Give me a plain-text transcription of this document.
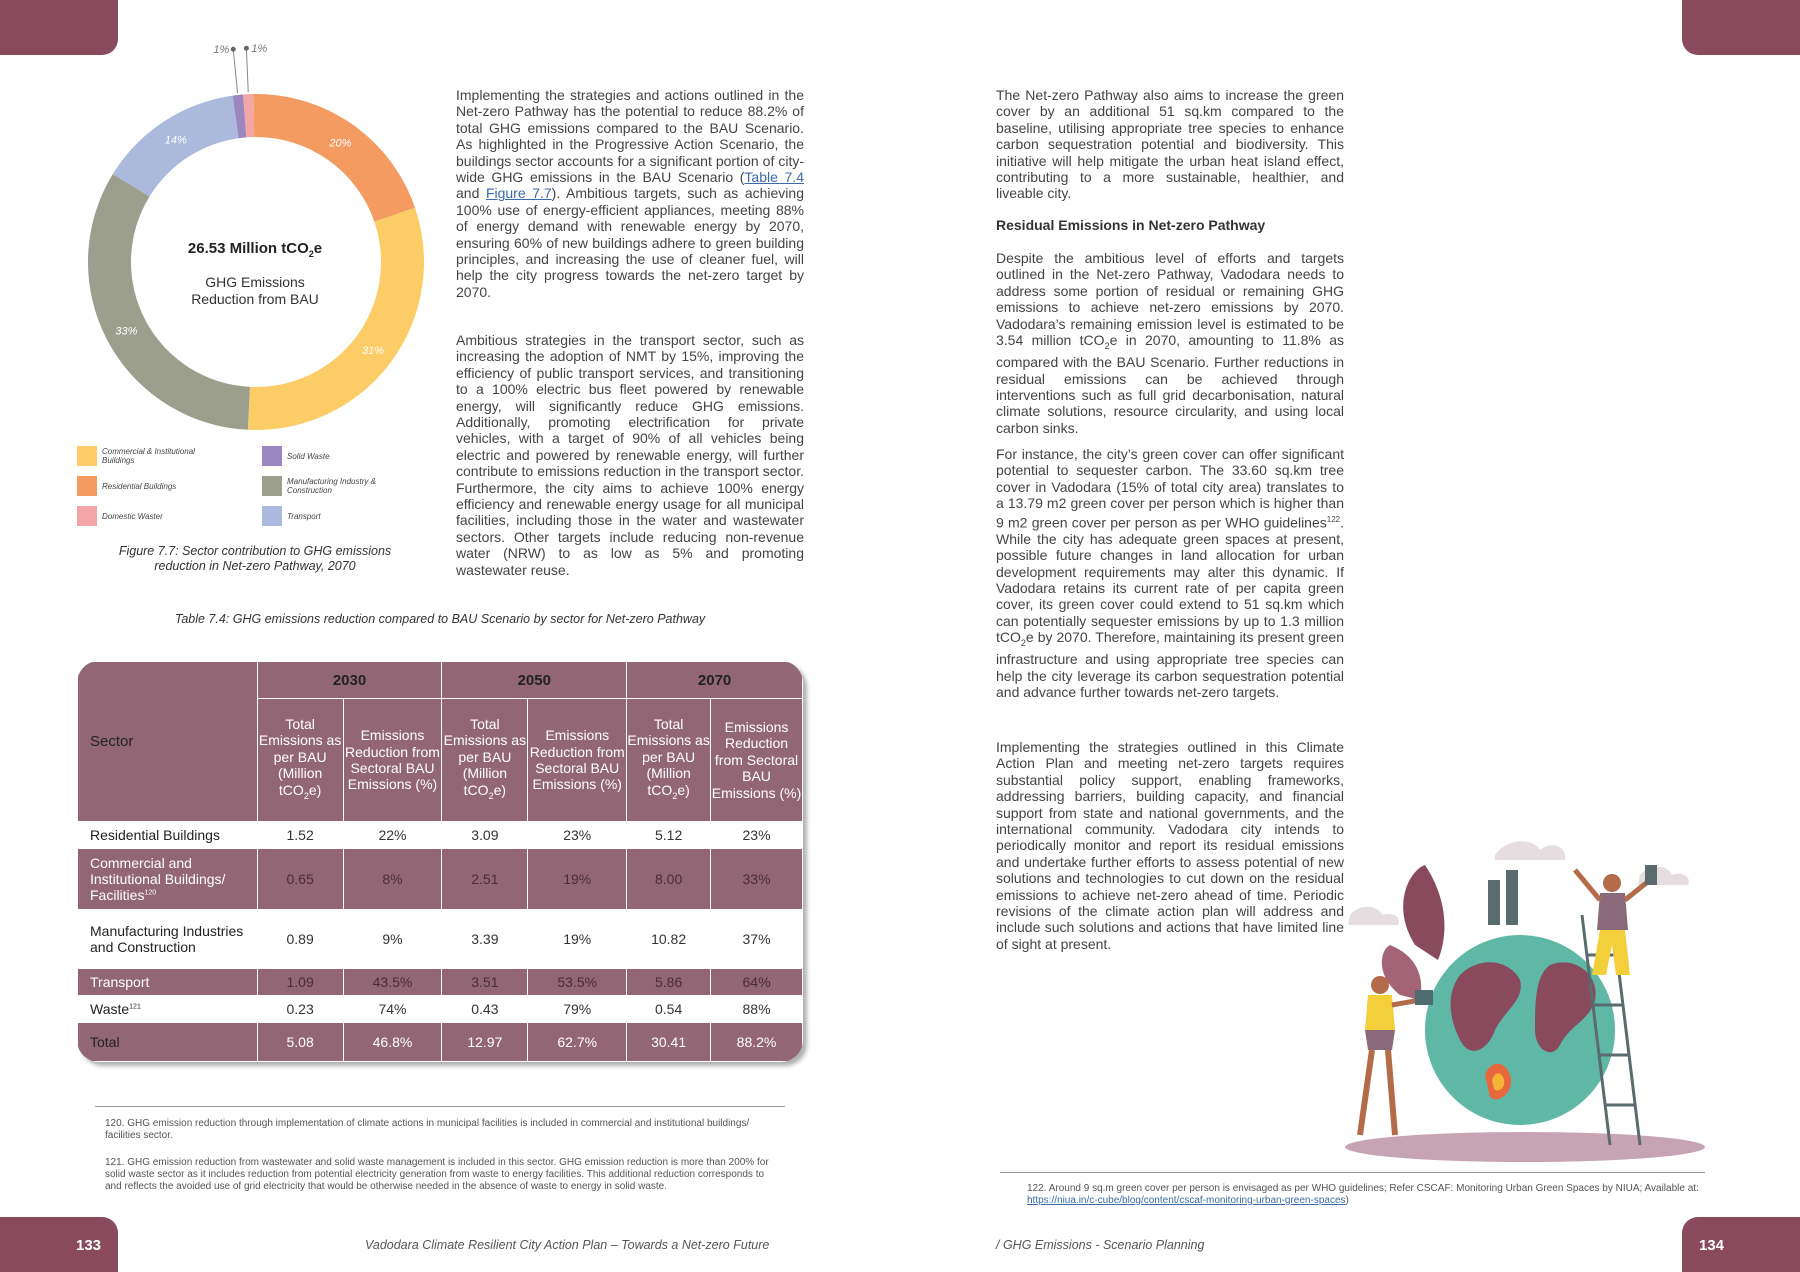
133	134
Vadodara Climate Resilient City Action Plan – Towards a Net-zero Future	/ GHG Emissions - Scenario Planning
1% 1%
20%
31%
33%
14%
26.53 Million tCO$_2$e
GHG Emissions
Reduction from BAU
Commercial & Institutional Buildings	Solid Waste
Residential Buildings	Manufacturing Industry & Construction
Domestic Waster	Transport
Figure 7.7: Sector contribution to GHG emissions reduction in Net-zero Pathway, 2070

Implementing the strategies and actions outlined in the Net-zero Pathway has the potential to reduce 88.2% of total GHG emissions compared to the BAU Scenario. As highlighted in the Progressive Action Scenario, the buildings sector accounts for a significant portion of city-wide GHG emissions in the BAU Scenario (Table 7.4 and Figure 7.7). Ambitious targets, such as achieving 100% use of energy-efficient appliances, meeting 88% of energy demand with renewable energy by 2070, ensuring 60% of new buildings adhere to green building principles, and increasing the use of cleaner fuel, will help the city progress towards the net-zero target by 2070.

Ambitious strategies in the transport sector, such as increasing the adoption of NMT by 15%, improving the efficiency of public transport services, and transitioning to a 100% electric bus fleet powered by renewable energy, will significantly reduce GHG emissions. Additionally, promoting electrification for private vehicles, with a target of 90% of all vehicles being electric and powered by renewable energy, will further contribute to emissions reduction in the transport sector. Furthermore, the city aims to achieve 100% energy efficiency and renewable energy usage for all municipal facilities, including those in the water and wastewater sectors. Other targets include reducing non-revenue water (NRW) to as low as 5% and promoting wastewater reuse.

Table 7.4: GHG emissions reduction compared to BAU Scenario by sector for Net-zero Pathway
Sector	2030		2050		2070	
	Total Emissions as per BAU (Million tCO$_2$e)	Emissions Reduction from Sectoral BAU Emissions (%)	Total Emissions as per BAU (Million tCO$_2$e)	Emissions Reduction from Sectoral BAU Emissions (%)	Total Emissions as per BAU (Million tCO$_2$e)	Emissions Reduction from Sectoral BAU Emissions (%)
Residential Buildings	1.52	22%	3.09	23%	5.12	23%
Commercial and Institutional Buildings/ Facilities$^{120}$	0.65	8%	2.51	19%	8.00	33%
Manufacturing Industries and Construction	0.89	9%	3.39	19%	10.82	37%
Transport	1.09	43.5%	3.51	53.5%	5.86	64%
Waste$^{121}$	0.23	74%	0.43	79%	0.54	88%
Total	5.08	46.8%	12.97	62.7%	30.41	88.2%

120. GHG emission reduction through implementation of climate actions in municipal facilities is included in commercial and institutional buildings/ facilities sector.

121. GHG emission reduction from wastewater and solid waste management is included in this sector. GHG emission reduction is more than 200% for solid waste sector as it includes reduction from potential electricity generation from waste to energy facilities. This additional reduction corresponds to and reflects the avoided use of grid electricity that would be otherwise needed in the absence of waste to energy in solid waste.

The Net-zero Pathway also aims to increase the green cover by an additional 51 sq.km compared to the baseline, utilising appropriate tree species to enhance carbon sequestration potential and biodiversity. This initiative will help mitigate the urban heat island effect, contributing to a more sustainable, healthier, and liveable city.

Residual Emissions in Net-zero Pathway

Despite the ambitious level of efforts and targets outlined in the Net-zero Pathway, Vadodara needs to address some portion of residual or remaining GHG emissions to achieve net-zero emissions by 2070. Vadodara’s remaining emission level is estimated to be 3.54 million tCO$_2$e in 2070, amounting to 11.8% as compared with the BAU Scenario. Further reductions in residual emissions can be achieved through interventions such as full grid decarbonisation, natural climate solutions, resource circularity, and using local carbon sinks.

For instance, the city’s green cover can offer significant potential to sequester carbon. The 33.60 sq.km tree cover in Vadodara (15% of total city area) translates to a 13.79 m2 green cover per person which is higher than 9 m2 green cover per person as per WHO guidelines$^{122}$. While the city has adequate green spaces at present, possible future changes in land allocation for urban development requirements may alter this dynamic. If Vadodara retains its current rate of per capita green cover, its green cover could extend to 51 sq.km which can potentially sequester emissions by up to 1.3 million tCO$_2$e by 2070. Therefore, maintaining its present green infrastructure and using appropriate tree species can help the city leverage its carbon sequestration potential and advance further towards net-zero targets.

Implementing the strategies outlined in this Climate Action Plan and meeting net-zero targets requires substantial policy support, enabling frameworks, addressing barriers, building capacity, and financial support from state and national governments, and the international community. Vadodara city intends to periodically monitor and report its residual emissions and undertake further efforts to assess potential of new solutions and technologies to cut down on the residual emissions to achieve net-zero ahead of time. Periodic revisions of the climate action plan will address and include such solutions and actions that have limited line of sight at present.

122. Around 9 sq.m green cover per person is envisaged as per WHO guidelines; Refer CSCAF: Monitoring Urban Green Spaces by NIUA; Available at: https://niua.in/c-cube/blog/content/cscaf-monitoring-urban-green-spaces)
